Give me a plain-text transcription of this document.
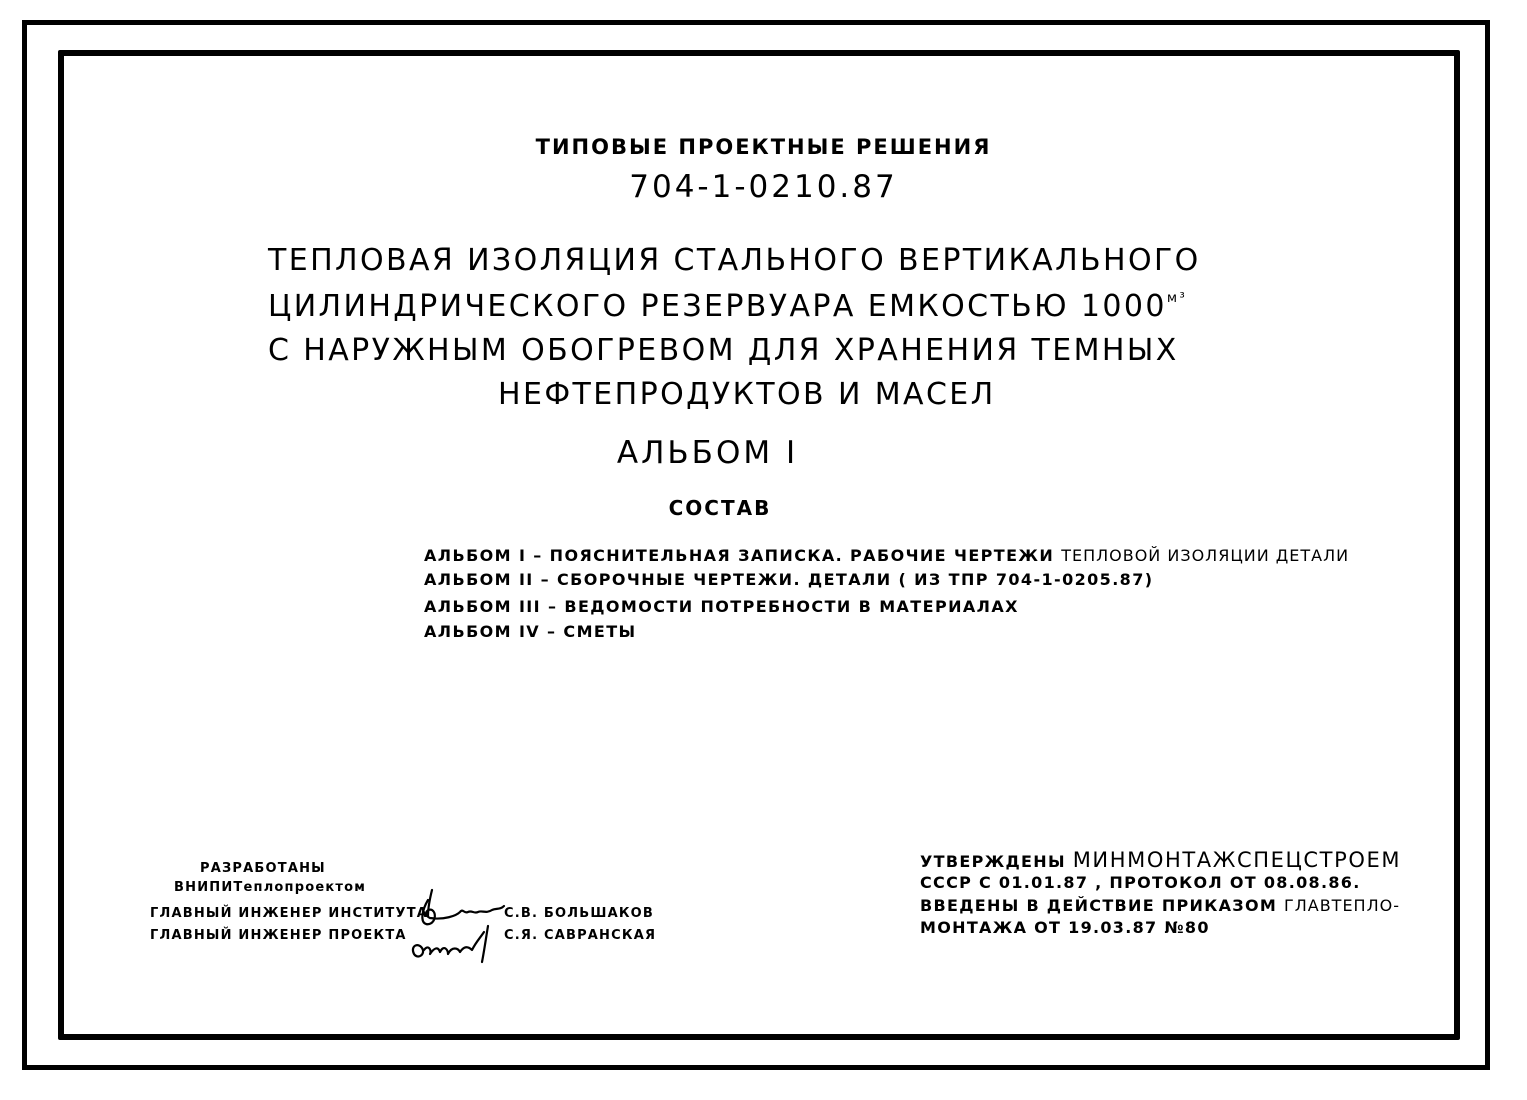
ТИПОВЫЕ ПРОЕКТНЫЕ РЕШЕНИЯ
704-1-0210.87
ТЕПЛОВАЯ ИЗОЛЯЦИЯ СТАЛЬНОГО ВЕРТИКАЛЬНОГО
ЦИЛИНДРИЧЕСКОГО РЕЗЕРВУАРА ЕМКОСТЬЮ $1000^{м^3}$
С НАРУЖНЫМ ОБОГРЕВОМ ДЛЯ ХРАНЕНИЯ ТЕМНЫХ
НЕФТЕПРОДУКТОВ И МАСЕЛ
АЛЬБОМ I
СОСТАВ
АЛЬБОМ I – ПОЯСНИТЕЛЬНАЯ ЗАПИСКА. РАБОЧИЕ ЧЕРТЕЖИ ТЕПЛОВОЙ ИЗОЛЯЦИИ ДЕТАЛИ
АЛЬБОМ II – СБОРОЧНЫЕ ЧЕРТЕЖИ. ДЕТАЛИ ( ИЗ ТПР 704-1-0205.87)
АЛЬБОМ III – ВЕДОМОСТИ ПОТРЕБНОСТИ В МАТЕРИАЛАХ
АЛЬБОМ IV – СМЕТЫ
РАЗРАБОТАНЫ
ВНИПИТеплопроектом
ГЛАВНЫЙ ИНЖЕНЕР ИНСТИТУТА	С.В. БОЛЬШАКОВ
ГЛАВНЫЙ ИНЖЕНЕР ПРОЕКТА	С.Я. САВРАНСКАЯ
УТВЕРЖДЕНЫ МИНМОНТАЖСПЕЦСТРОЕМ
СССР С 01.01.87 , ПРОТОКОЛ ОТ 08.08.86.
ВВЕДЕНЫ В ДЕЙСТВИЕ ПРИКАЗОМ ГЛАВТЕПЛО-
МОНТАЖА ОТ 19.03.87 №80
